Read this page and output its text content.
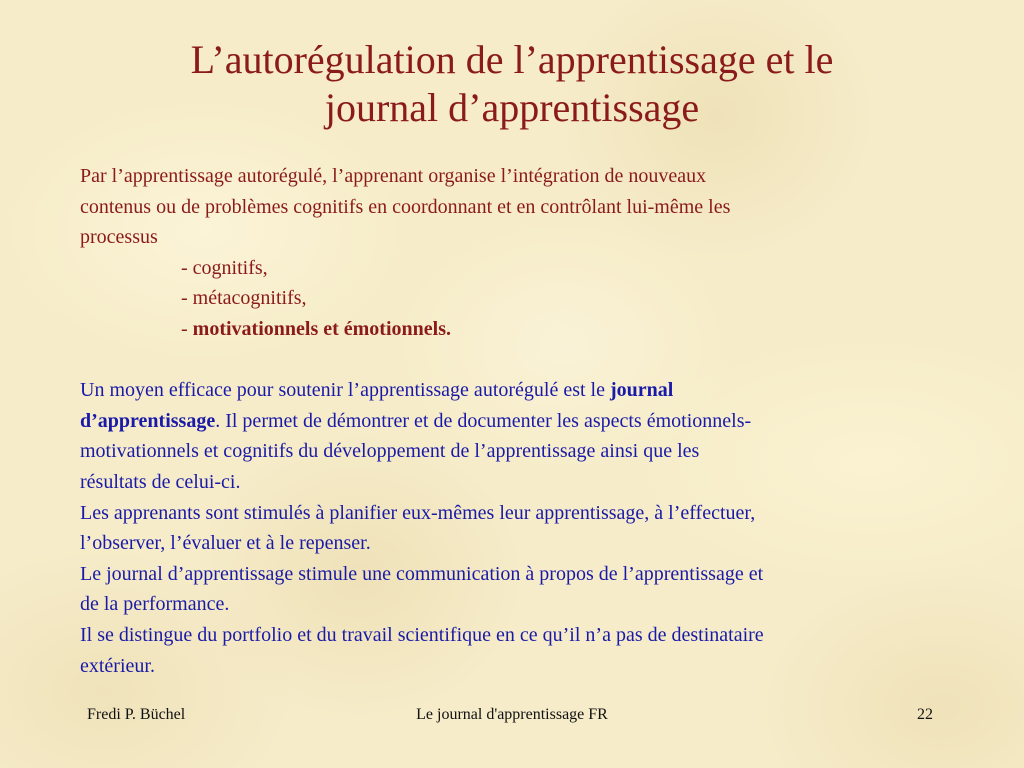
L’autorégulation de l’apprentissage et le
journal d’apprentissage
Par l’apprentissage autorégulé, l’apprenant organise l’intégration de nouveaux
contenus ou de problèmes cognitifs en coordonnant et en contrôlant lui-même les
processus
- cognitifs,
- métacognitifs,
- motivationnels et émotionnels.
Un moyen efficace pour soutenir l’apprentissage autorégulé est le journal
d’apprentissage. Il permet de démontrer et de documenter les aspects émotionnels-
motivationnels et cognitifs du développement de l’apprentissage ainsi que les
résultats de celui-ci.
Les apprenants sont stimulés à planifier eux-mêmes leur apprentissage, à l’effectuer,
l’observer, l’évaluer et à le repenser.
Le journal d’apprentissage stimule une communication à propos de l’apprentissage et
de la performance.
Il se distingue du portfolio et du travail scientifique en ce qu’il n’a pas de destinataire
extérieur.
Fredi P. Büchel	Le journal d'apprentissage FR	22
